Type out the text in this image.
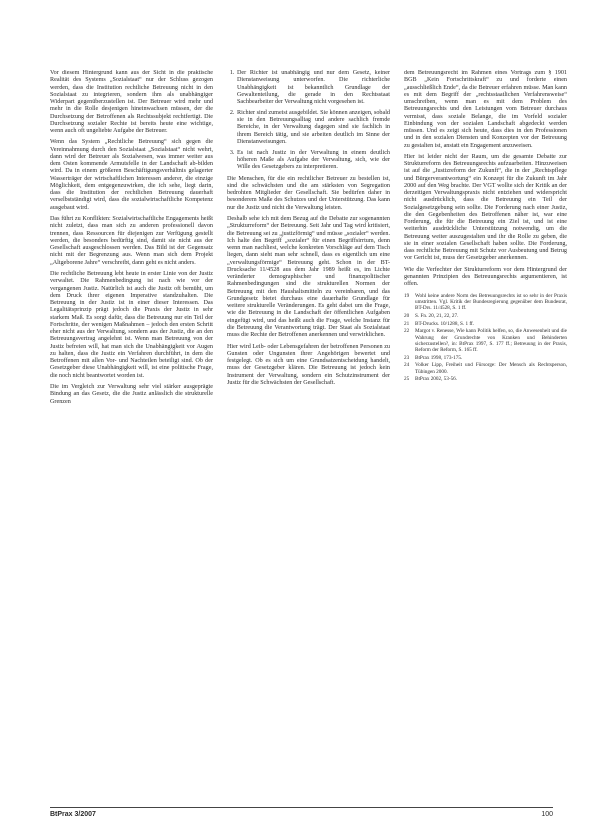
Vor diesem Hintergrund kann aus der Sicht in die praktische Realität des Systems „Sozialstaat“ nur der Schluss gezogen werden, dass die Institution rechtliche Betreuung nicht in den Sozialstaat zu integrieren, sondern ihm als unabhängiger Widerpart gegenüberzustellen ist. Der Betreuer wird mehr und mehr in die Rolle desjenigen hineinwachsen müssen, der die Durchsetzung der Betroffenen als Rechtssubjekt rechtfertigt. Die Durchsetzung sozialer Rechte ist bereits heute eine wichtige, wenn auch oft ungeliebte Aufgabe der Betreuer.

Wenn das System „Rechtliche Betreuung“ sich gegen die Vereinnahmung durch den Sozialstaat „Sozialstaat“ nicht wehrt, dann wird der Betreuer als Sozialwesen, was immer weiter aus dem Osten kommende Armutsfelle in der Landschaft ab-bilden wird. Da in einem größeren Beschäftigungsverhältnis gelagerter Wasserträger der wirtschaftlichen Interessen anderer, die einzige Möglichkeit, dem entgegenzuwirken, die ich sehe, liegt darin, dass die Institution der rechtlichen Betreuung dauerhaft verselbstständigt wird, dass die sozialwirtschaftliche Kompetenz ausgebaut wird.

Das führt zu Konflikten: Sozialwirtschaftliche Engagements heißt nicht zuletzt, dass man sich zu anderen professionell davon trennen, dass Ressourcen für diejenigen zur Verfügung gestellt werden, die besonders bedürftig sind, damit sie nicht aus der Gesellschaft ausgeschlossen werden. Das Bild ist der Gegensatz nicht mit der Begrenzung aus. Wenn man sich dem Projekt „Altgeborene Jahre“ verschreibt, dann geht es nicht anders.

Die rechtliche Betreuung lebt heute in erster Linie von der Justiz verwaltet. Die Rahmenbedingung ist nach wie vor der vergangenen Justiz. Natürlich ist auch die Justiz oft bemüht, um dem Druck ihrer eigenen Imperative standzuhalten. Die Betreuung in der Justiz ist in einer dieser Interessen. Das Legalitätsprinzip prägt jedoch die Praxis der Justiz in sehr starkem Maß. Es sorgt dafür, dass die Betreuung nur ein Teil der Fortschritte, der wenigen Maßnahmen – jedoch den ersten Schritt eher nicht aus der Verwaltung, sondern aus der Justiz, die an den Betreuungsvertrag angelehnt ist. Wenn man Betreuung von der Justiz befreien will, hat man sich die Unabhängigkeit vor Augen zu halten, dass die Justiz ein Verfahren durchführt, in dem die Betroffenen mit allen Vor- und Nachteilen beteiligt sind. Ob der Gesetzgeber diese Unabhängigkeit will, ist eine politische Frage, die noch nicht beantwortet worden ist.

Die im Vergleich zur Verwaltung sehr viel stärker ausgeprägte Bindung an das Gesetz, die die Justiz anlässlich die strukturelle Grenzen

1. Der Richter ist unabhängig und nur dem Gesetz, keiner Dienstanweisung unterworfen. Die richterliche Unabhängigkeit ist bekanntlich Grundlage der Gewaltenteilung, die gerade in den Rechtsstaat Sachbearbeiter der Verwaltung nicht vorgesehen ist.
2. Richter sind zumeist ausgebildet. Sie können anzeigen, sobald sie in den Betreuungsalltag und andere sachlich fremde Bereiche, in der Verwaltung dagegen sind sie fachlich in ihrem Bereich tätig, und sie arbeiten deutlich im Sinne der Dienstanweisungen.
3. Es ist nach Justiz in der Verwaltung in einem deutlich höheren Maße als Aufgabe der Verwaltung, sich, wie der Wille des Gesetzgebers zu interpretieren.

Die Menschen, für die ein rechtlicher Betreuer zu bestellen ist, sind die schwächsten und die am stärksten von Segregation bedrohten Mitglieder der Gesellschaft. Sie bedürfen daher in besonderem Maße des Schutzes und der Unterstützung. Das kann nur die Justiz und nicht die Verwaltung leisten.

Deshalb sehe ich mit dem Bezug auf die Debatte zur sogenannten „Strukturreform“ der Betreuung. Seit Jahr und Tag wird kritisiert, die Betreuung sei zu „justizförmig“ und müsse „sozialer“ werden. Ich halte den Begriff „sozialer“ für einen Begriffsirrtum, denn wenn man nachliest, welche konkreten Vorschläge auf dem Tisch liegen, dann sieht man sehr schnell, dass es eigentlich um eine „verwaltungsförmige“ Betreuung geht. Schon in der BT-Drucksache 11/4528 aus dem Jahr 1989 heißt es, im Lichte veränderter demographischer und finanzpolitischer Rahmenbedingungen sind die strukturellen Normen der Betreuung mit den Haushaltsmitteln zu vereinbaren, und das Grundgesetz bietet durchaus eine dauerhafte Grundlage für weitere strukturelle Veränderungen. Es geht dabei um die Frage, wie die Betreuung in die Landschaft der öffentlichen Aufgaben eingefügt wird, und das heißt auch die Frage, welche Instanz für die Betreuung die Verantwortung trägt. Der Staat als Sozialstaat muss die Rechte der Betroffenen anerkennen und verwirklichen.

Hier wird Leib- oder Lebensgefahren der betroffenen Personen zu Gunsten oder Ungunsten ihrer Angehörigen bewertet und festgelegt. Ob es sich um eine Grundsatzentscheidung handelt, muss der Gesetzgeber klären. Die Betreuung ist jedoch kein Instrument der Verwaltung, sondern ein Schutzinstrument der Justiz für die Schwächsten der Gesellschaft.

dem Betreuungsrecht im Rahmen eines Vortrags zum § 1901 BGB „Kein Fortschrittskraft“ zu und forderte einen „ausschließlich Ende“, da die Betreuer erfahren müsse. Man kann es mit dem Begriff der „rechtsstaatlichen Verfahrensweise“ umschreiben, wenn man es mit dem Problem des Betreuungsrechts und den Leistungen vom Betreuer durchaus vermisst, dass soziale Belange, die im Vorfeld sozialer Einbindung von der sozialen Landschaft abgedeckt werden müssen. Und es zeigt sich heute, dass dies in den Professionen und in den sozialen Diensten und Konzepten vor der Betreuung zu gestalten ist, anstatt ein Engagement anzuweisen.

Hier ist leider nicht der Raum, um die gesamte Debatte zur Strukturreform des Betreuungsrechts aufzuarbeiten. Hinzuweisen ist auf die „Justizreform der Zukunft“, die in der „Rechtspflege und Bürgerverantwortung“ ein Konzept für die Zukunft im Jahr 2000 auf den Weg brachte. Der VGT wollte sich der Kritik an der derzeitigen Verwaltungspraxis nicht entziehen und widerspricht nicht ausdrücklich, dass die Betreuung ein Teil der Sozialgesetzgebung sein sollte. Die Forderung nach einer Justiz, die den Gegebenheiten des Betroffenen näher ist, war eine Forderung, die für die Betreuung ein Ziel ist, und ist eine weiterhin ausdrückliche Unterstützung notwendig, um die Betreuung weiter auszugestalten und ihr die Rolle zu geben, die sie in einer sozialen Gesellschaft haben sollte. Die Forderung, dass rechtliche Betreuung mit Schutz vor Ausbeutung und Betrug vor Gericht ist, muss der Gesetzgeber anerkennen.

Wie die Verfechter der Strukturreform vor dem Hintergrund der genannten Prinzipien des Betreuungsrechts argumentieren, ist offen.

19	Wohl keine andere Norm des Betreuungsrechts ist so sehr in der Praxis umstritten. Vgl. Kritik der Bundesregierung gegenüber dem Bundesrat, BT-Drs. 11/4528, S. 1 ff.
20	S. Fn. 20, 21, 22, 27.
21	BT-Drucks. 10/1288, S. 1 ff.
22	Margot v. Renesse, Wie kann Politik helfen, so, die Anwesenheit und die Wahrung der Grundrechte von Kranken und Behinderten sicherzustellen?, in: BtPrax 1997, S. 177 ff.; Betreuung in der Praxis, Reform der Reform, S. 165 ff.
23	BtPrax 1998, 173-175.
24	Volker Lipp, Freiheit und Fürsorge: Der Mensch als Rechtsperson, Tübingen 2000.
25	BtPrax 2002, 53-56.
BtPrax 3/2007	100
